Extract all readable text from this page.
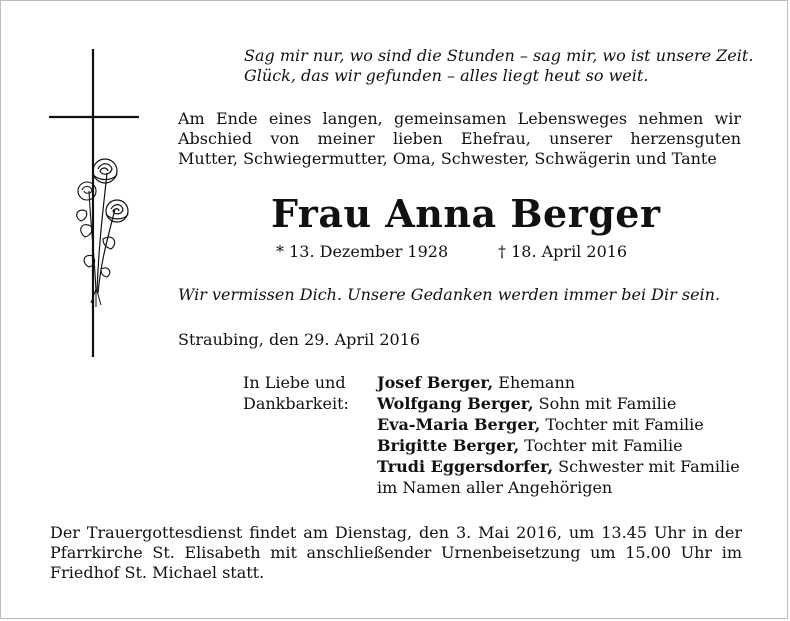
Sag mir nur, wo sind die Stunden – sag mir, wo ist unsere Zeit.
Glück, das wir gefunden – alles liegt heut so weit.
Am Ende eines langen, gemeinsamen Lebensweges nehmen wir
Abschied von meiner lieben Ehefrau, unserer herzensguten
Mutter, Schwiegermutter, Oma, Schwester, Schwägerin und Tante
Frau Anna Berger
* 13. Dezember 1928	† 18. April 2016
Wir vermissen Dich. Unsere Gedanken werden immer bei Dir sein.
Straubing, den 29. April 2016
In Liebe und
Dankbarkeit:
Josef Berger, Ehemann
Wolfgang Berger, Sohn mit Familie
Eva-Maria Berger, Tochter mit Familie
Brigitte Berger, Tochter mit Familie
Trudi Eggersdorfer, Schwester mit Familie
im Namen aller Angehörigen
Der Trauergottesdienst findet am Dienstag, den 3. Mai 2016, um 13.45 Uhr in der
Pfarrkirche St. Elisabeth mit anschließender Urnenbeisetzung um 15.00 Uhr im
Friedhof St. Michael statt.
